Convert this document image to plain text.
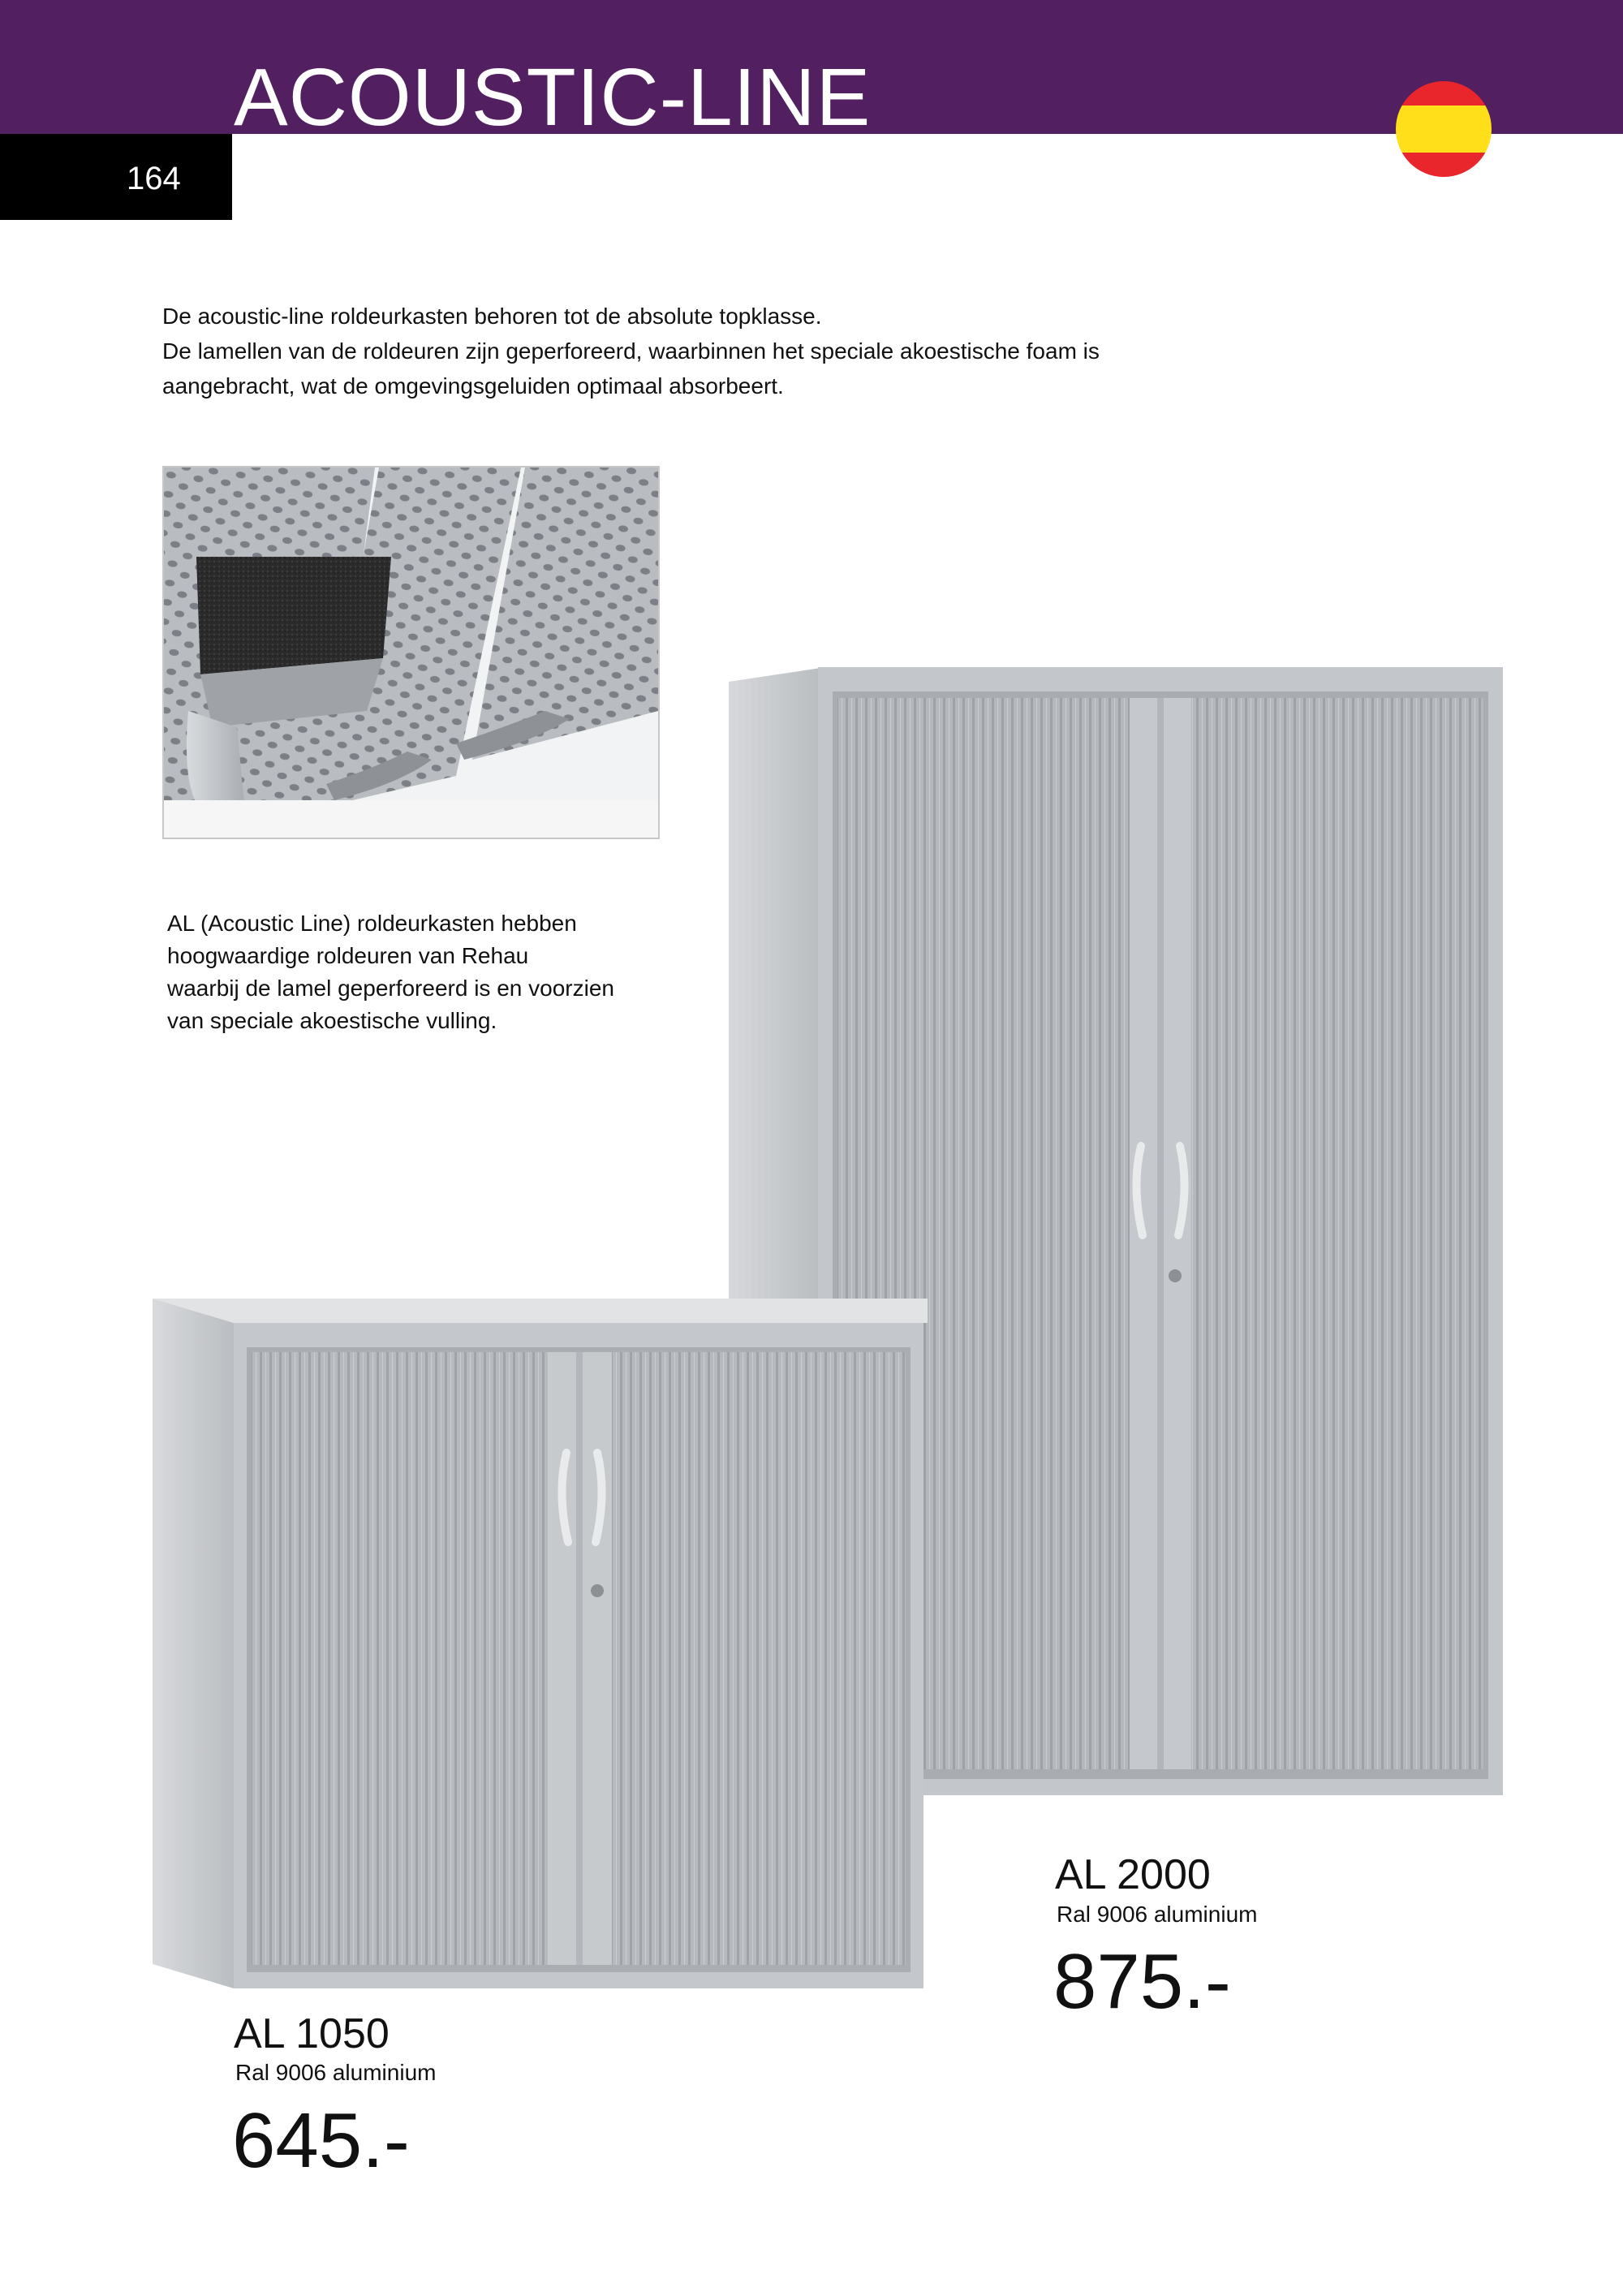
ACOUSTIC-LINE
164

De acoustic-line roldeurkasten behoren tot de absolute topklasse.

De lamellen van de roldeuren zijn geperforeerd, waarbinnen het speciale akoestische foam is

aangebracht, wat de omgevingsgeluiden optimaal absorbeert.

AL (Acoustic Line) roldeurkasten hebben

hoogwaardige roldeuren van Rehau

waarbij de lamel geperforeerd is en voorzien

van speciale akoestische vulling.

AL 2000
Ral 9006 aluminium
875.-
AL 1050
Ral 9006 aluminium
645.-
